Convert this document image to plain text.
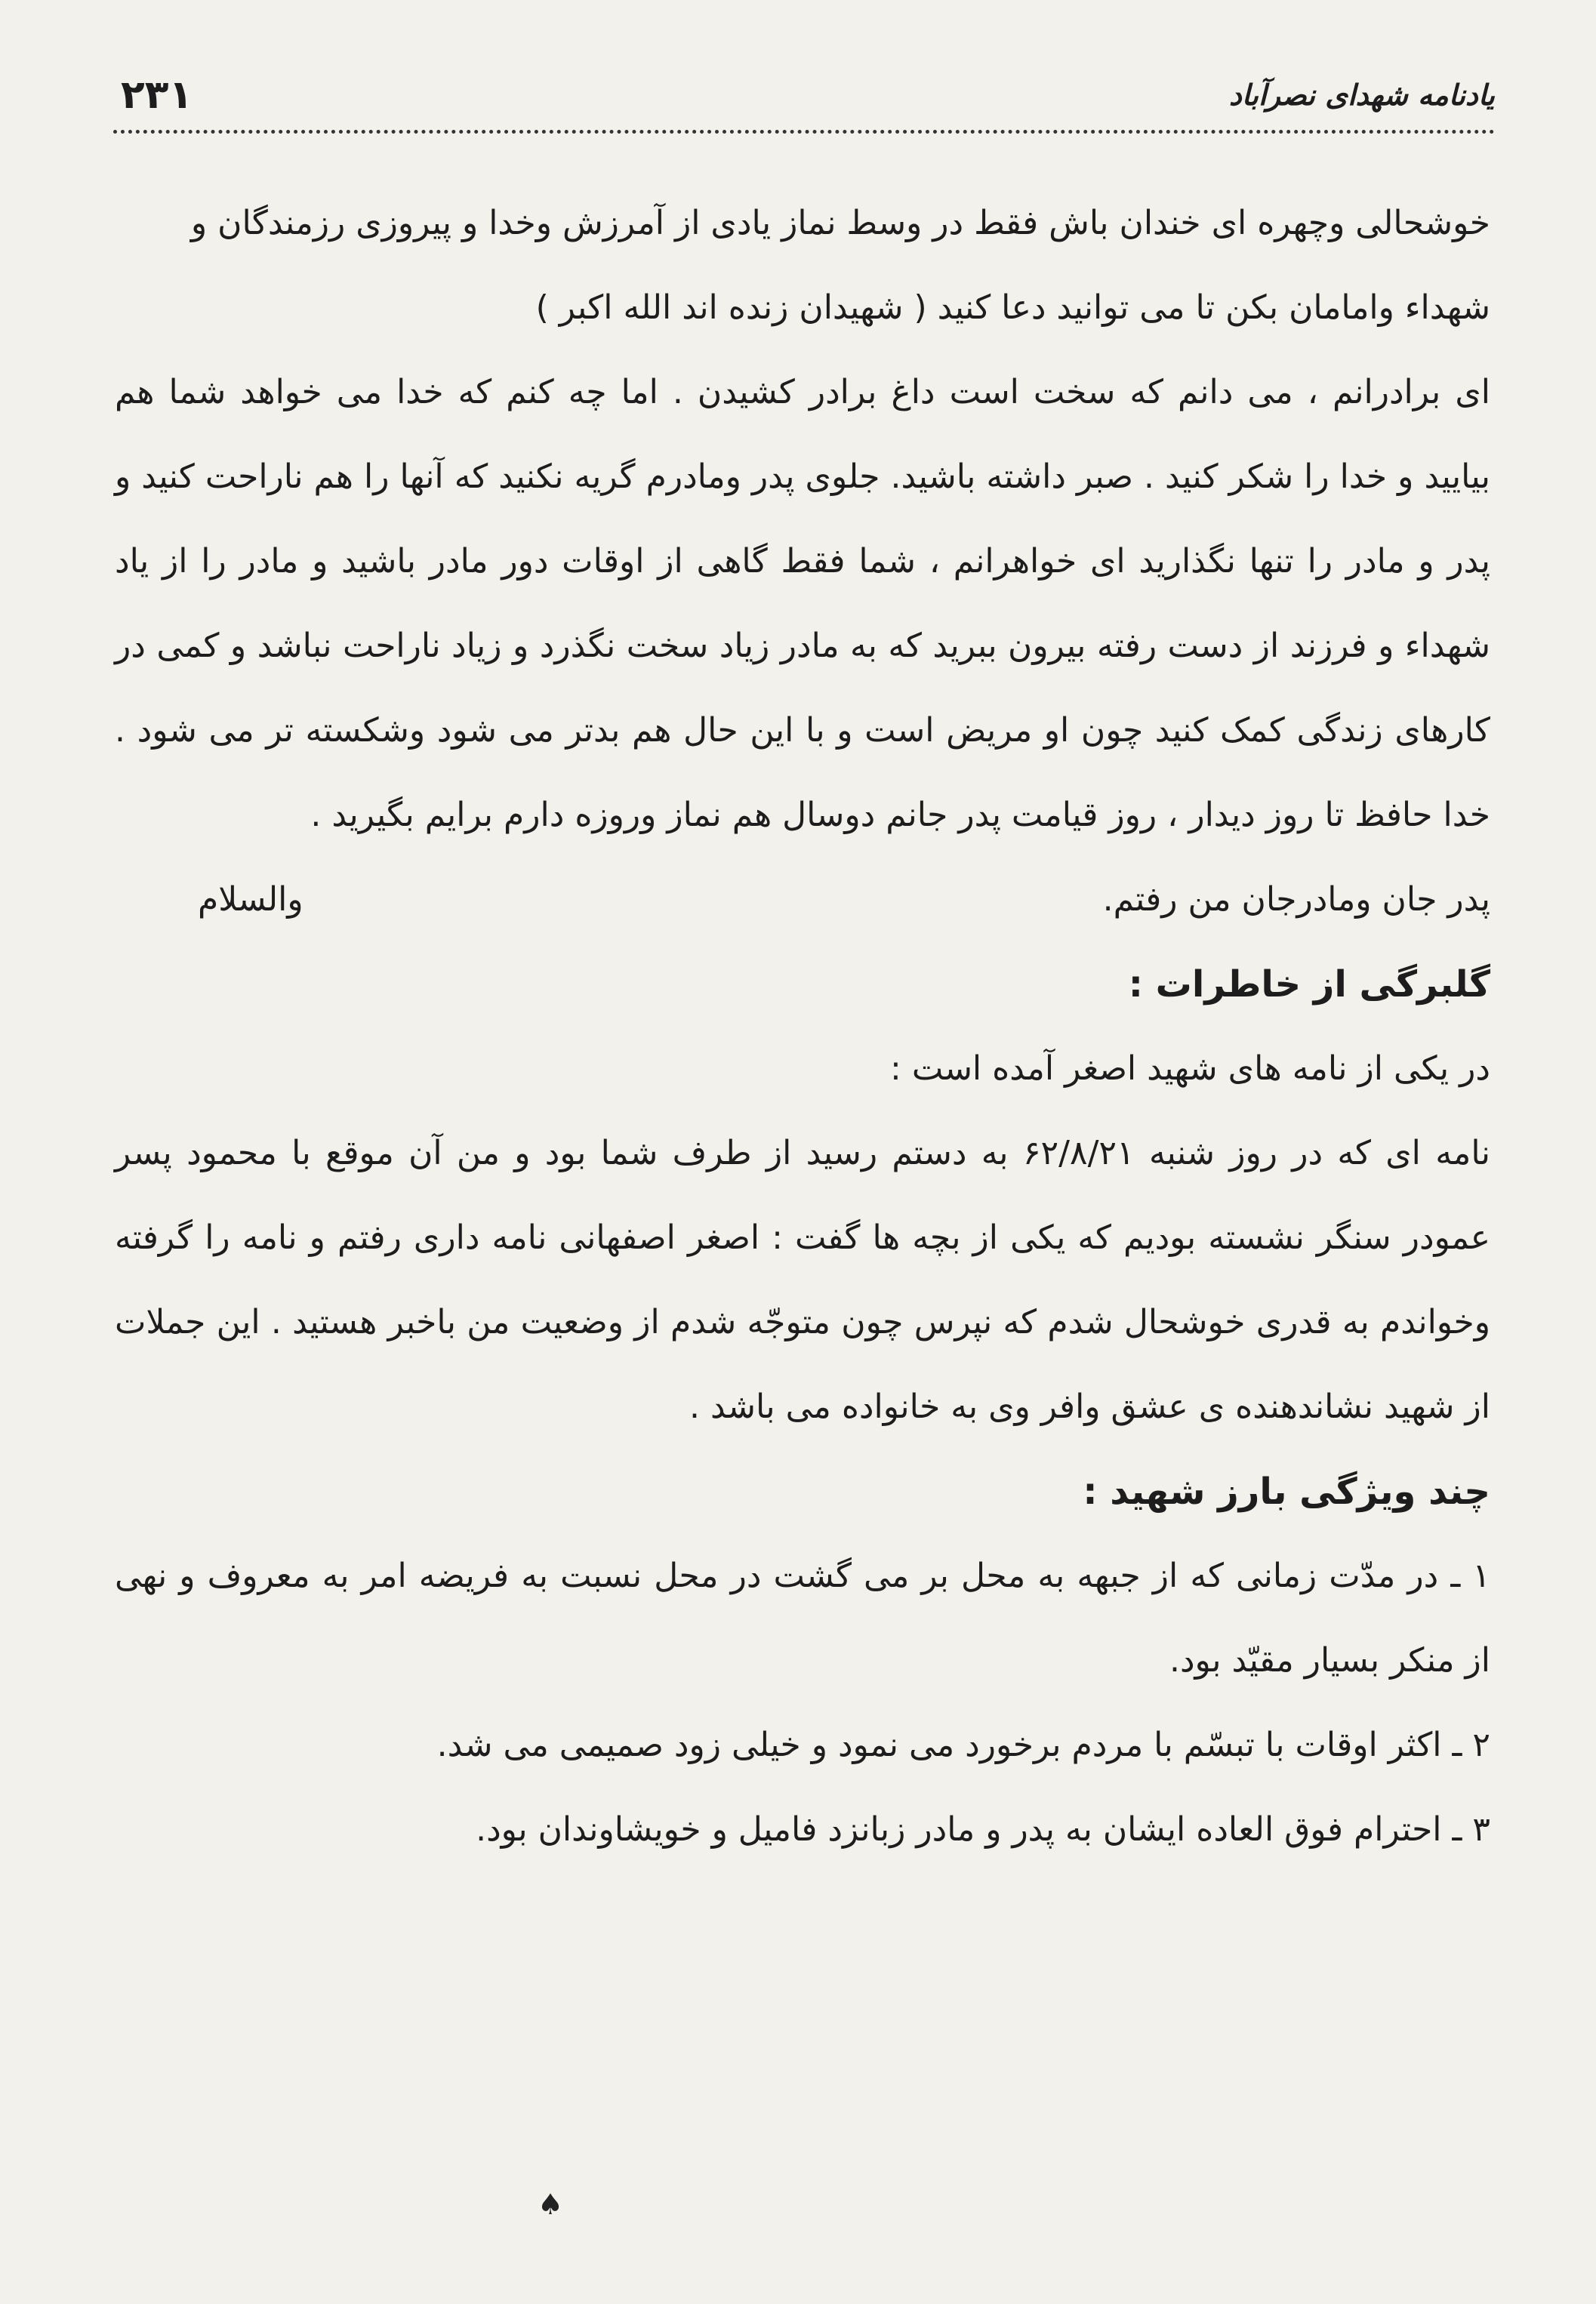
۲۳۱	یادنامه شهدای نصرآباد

خوشحالی وچهره ای خندان باش فقط در وسط نماز یادی از آمرزش وخدا و پیروزی رزمندگان و شهداء وامامان بکن تا می توانید دعا کنید ( شهیدان زنده اند الله اکبر )

ای برادرانم ، می دانم که سخت است داغ برادر کشیدن . اما چه کنم که خدا می خواهد شما هم بیایید و خدا را شکر کنید . صبر داشته باشید. جلوی پدر ومادرم گریه نکنید که آنها را هم ناراحت کنید و پدر و مادر را تنها نگذارید ای خواهرانم ، شما فقط گاهی از اوقات دور مادر باشید و مادر را از یاد شهداء و فرزند از دست رفته بیرون ببرید که به مادر زیاد سخت نگذرد و زیاد ناراحت نباشد و کمی در کارهای زندگی کمک کنید چون او مریض است و با این حال هم بدتر می شود وشکسته تر می شود . خدا حافظ تا روز دیدار ، روز قیامت پدر جانم دوسال هم نماز وروزه دارم برایم بگیرید .

پدر جان ومادرجان من رفتم.
والسلام

گلبرگی از خاطرات :

در یکی از نامه های شهید اصغر آمده است :

نامه ای که در روز شنبه ۶۲/۸/۲۱ به دستم رسید از طرف شما بود و من آن موقع با محمود پسر عمودر سنگر نشسته بودیم که یکی از بچه ها گفت : اصغر اصفهانی نامه داری رفتم و نامه را گرفته وخواندم به قدری خوشحال شدم که نپرس چون متوجّه شدم از وضعیت من باخبر هستید . این جملات از شهید نشاندهنده ی عشق وافر وی به خانواده می باشد .

چند ویژگی بارز شهید :

۱ ـ در مدّت زمانی که از جبهه به محل بر می گشت در محل نسبت به فریضه امر به معروف و نهی از منکر بسیار مقیّد بود.

۲ ـ اکثر اوقات با تبسّم با مردم برخورد می نمود و خیلی زود صمیمی می شد.

۳ ـ احترام فوق العاده ایشان به پدر و مادر زبانزد فامیل و خویشاوندان بود.

♠
